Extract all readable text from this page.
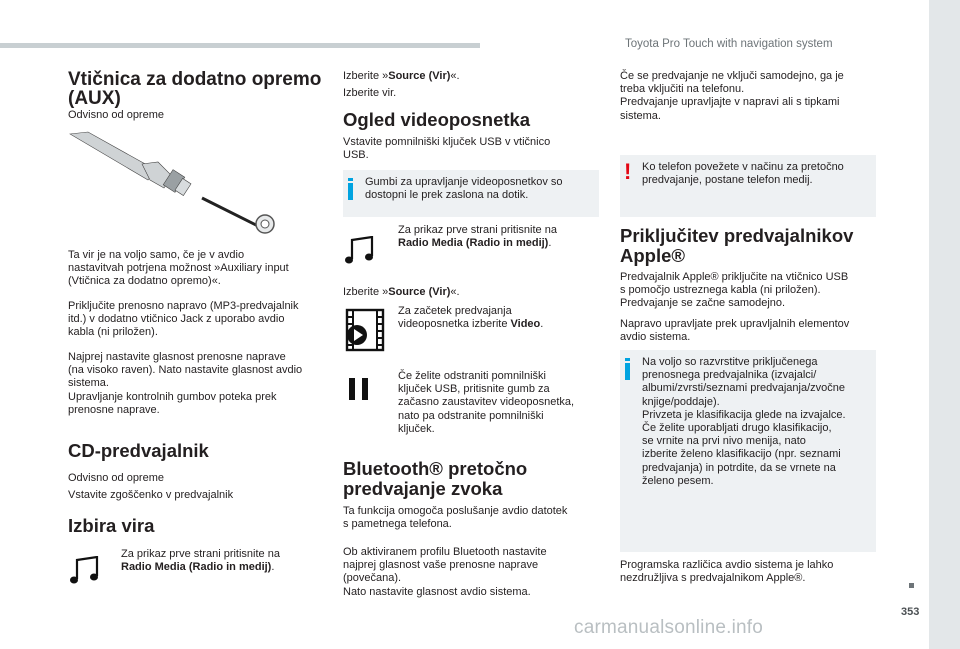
Toyota Pro Touch with navigation system
353
carmanualsonline.info
Vtičnica za dodatno opremo (AUX)

Odvisno od opreme

Ta vir je na voljo samo, če je v avdio
nastavitvah potrjena možnost »Auxiliary input
(Vtičnica za dodatno opremo)«.

Priključite prenosno napravo (MP3-predvajalnik
itd.) v dodatno vtičnico Jack z uporabo avdio
kabla (ni priložen).

Najprej nastavite glasnost prenosne naprave
(na visoko raven). Nato nastavite glasnost avdio
sistema.
Upravljanje kontrolnih gumbov poteka prek
prenosne naprave.

CD-predvajalnik

Odvisno od opreme

Vstavite zgoščenko v predvajalnik

Izbira vira

Za prikaz prve strani pritisnite na
Radio Media (Radio in medij).

Izberite »Source (Vir)«.

Izberite vir.

Ogled videoposnetka

Vstavite pomnilniški ključek USB v vtičnico
USB.

Gumbi za upravljanje videoposnetkov so
dostopni le prek zaslona na dotik.

Za prikaz prve strani pritisnite na
Radio Media (Radio in medij).

Izberite »Source (Vir)«.

Za začetek predvajanja
videoposnetka izberite Video.

Če želite odstraniti pomnilniški
ključek USB, pritisnite gumb za
začasno zaustavitev videoposnetka,
nato pa odstranite pomnilniški
ključek.

Bluetooth® pretočno predvajanje zvoka

Ta funkcija omogoča poslušanje avdio datotek
s pametnega telefona.

Ob aktiviranem profilu Bluetooth nastavite
najprej glasnost vaše prenosne naprave
(povečana).
Nato nastavite glasnost avdio sistema.

Če se predvajanje ne vključi samodejno, ga je
treba vključiti na telefonu.
Predvajanje upravljajte v napravi ali s tipkami
sistema.

! Ko telefon povežete v načinu za pretočno
predvajanje, postane telefon medij.

Priključitev predvajalnikov Apple®

Predvajalnik Apple® priključite na vtičnico USB
s pomočjo ustreznega kabla (ni priložen).
Predvajanje se začne samodejno.

Napravo upravljate prek upravljalnih elementov
avdio sistema.

Na voljo so razvrstitve priključenega
prenosnega predvajalnika (izvajalci/
albumi/zvrsti/seznami predvajanja/zvočne
knjige/poddaje).
Privzeta je klasifikacija glede na izvajalce.
Če želite uporabljati drugo klasifikacijo,
se vrnite na prvi nivo menija, nato
izberite želeno klasifikacijo (npr. seznami
predvajanja) in potrdite, da se vrnete na
želeno pesem.

Programska različica avdio sistema je lahko
nezdružljiva s predvajalnikom Apple®.
